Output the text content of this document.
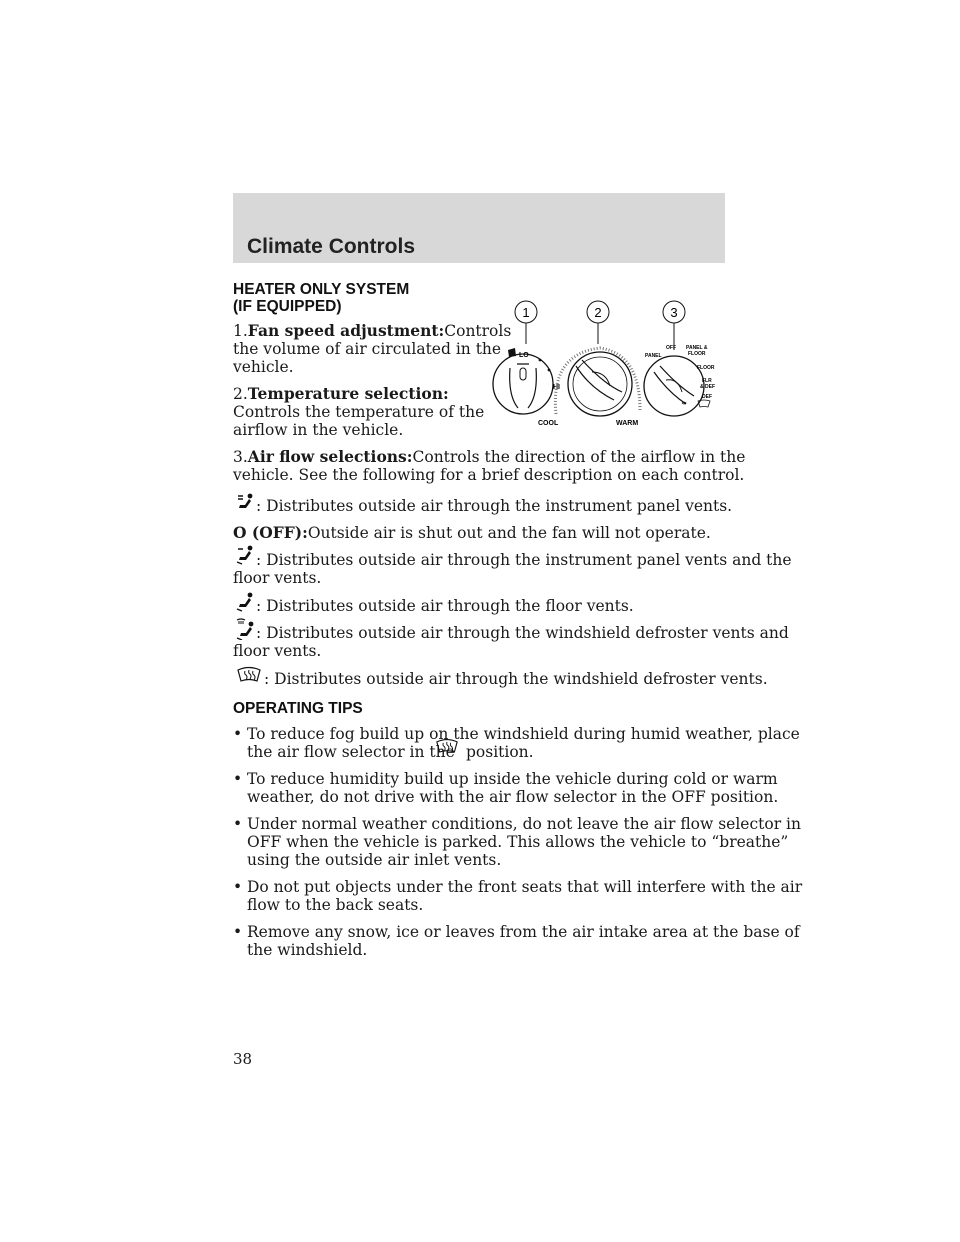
Climate Controls
HEATER ONLY SYSTEM
(IF EQUIPPED)
1.Fan speed adjustment:Controls
the volume of air circulated in the
vehicle.
2.Temperature selection:
Controls the temperature of the
airflow in the vehicle.
3.Air flow selections:Controls the direction of the airflow in the
vehicle. See the following for a brief description on each control.
: Distributes outside air through the instrument panel vents.
O (OFF):Outside air is shut out and the fan will not operate.
: Distributes outside air through the instrument panel vents and the
floor vents.
: Distributes outside air through the floor vents.
: Distributes outside air through the windshield defroster vents and
floor vents.
: Distributes outside air through the windshield defroster vents.
OPERATING TIPS
• To reduce fog build up on the windshield during humid weather, place
the air flow selector in the position.
• To reduce humidity build up inside the vehicle during cold or warm
weather, do not drive with the air flow selector in the OFF position.
• Under normal weather conditions, do not leave the air flow selector in
OFF when the vehicle is parked. This allows the vehicle to “breathe”
using the outside air inlet vents.
• Do not put objects under the front seats that will interfere with the air
flow to the back seats.
• Remove any snow, ice or leaves from the air intake area at the base of
the windshield.
38
1	2	3
LO
HI
COOL	WARM
PANEL
OFF PANEL &
FLOOR
FLOOR
FLR
& DEF
DEF
